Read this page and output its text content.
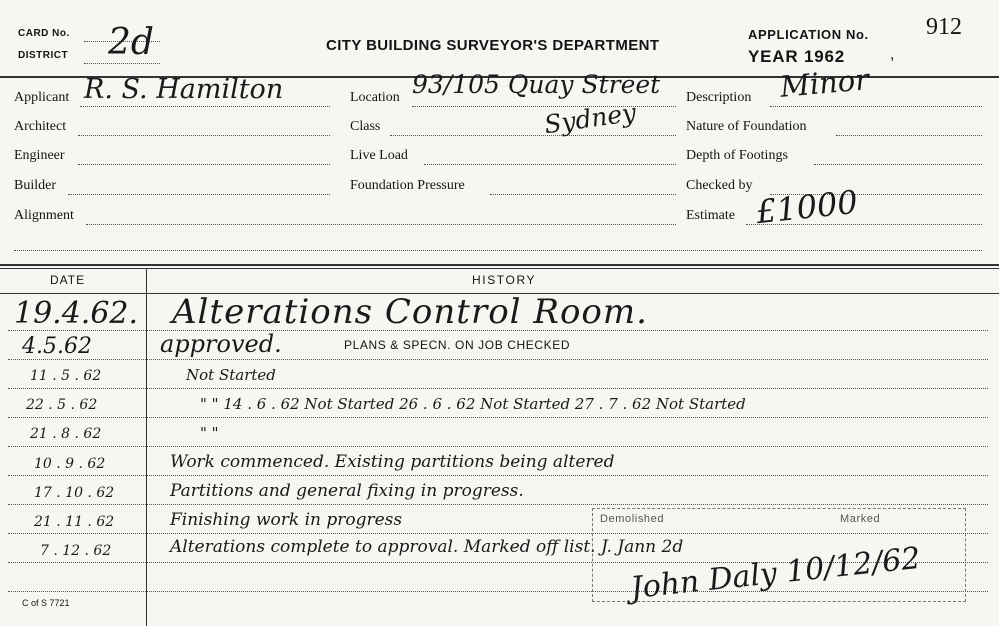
CARD No.
DISTRICT 2d	CITY BUILDING SURVEYOR'S DEPARTMENT
APPLICATION No. 912
YEAR 1962	,
Applicant R. S. Hamilton
Architect
Engineer
Builder
Alignment
Location 93/105 Quay Street
Class	Sydney
Live Load
Foundation Pressure
Description Minor
Nature of Foundation
Depth of Footings
Checked by
Estimate £1000
DATE	HISTORY
19.4.62. Alterations Control Room.
4.5.62	approved.	PLANS & SPECN. ON JOB CHECKED
11 . 5 . 62	Not Started
22 . 5 . 62	" " 14 . 6 . 62 Not Started 26 . 6 . 62 Not Started 27 . 7 . 62 Not Started
21 . 8 . 62	" "
10 . 9 . 62	Work commenced. Existing partitions being altered
17 . 10 . 62	Partitions and general fixing in progress.
21 . 11 . 62	Finishing work in progress	Demolished	Marked
7 . 12 . 62	Alterations complete to approval. Marked off list. J. Jann 2d
John Daly 10/12/62
C of S 7721
